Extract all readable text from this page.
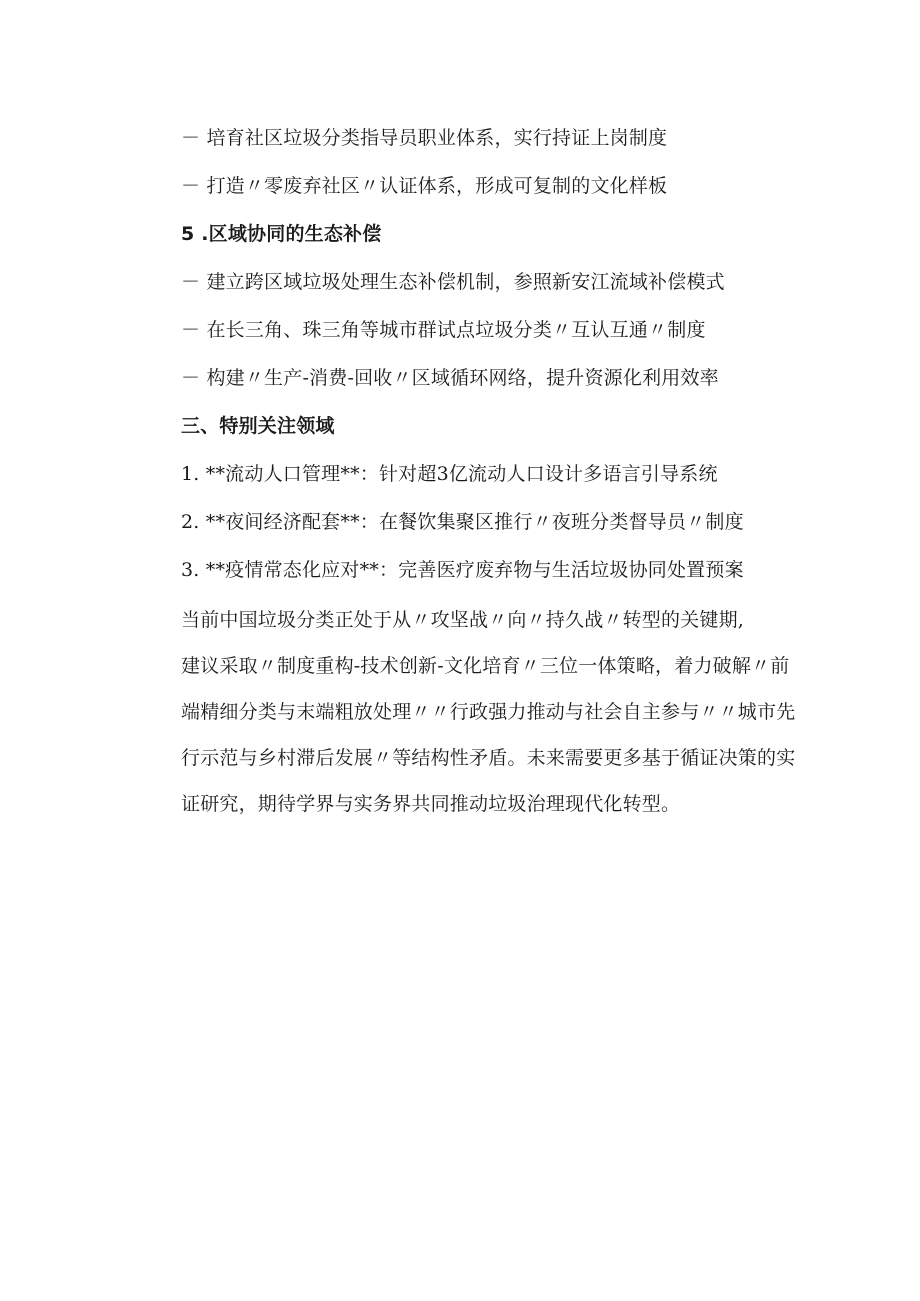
－ 培育社区垃圾分类指导员职业体系，实行持证上岗制度
－ 打造〃零废弃社区〃认证体系，形成可复制的文化样板
5 .区域协同的生态补偿
－ 建立跨区域垃圾处理生态补偿机制，参照新安江流域补偿模式
－ 在长三角、珠三角等城市群试点垃圾分类〃互认互通〃制度
－ 构建〃生产-消费-回收〃区域循环网络，提升资源化利用效率
三、特别关注领域
1. **流动人口管理**：针对超3亿流动人口设计多语言引导系统
2. **夜间经济配套**：在餐饮集聚区推行〃夜班分类督导员〃制度
3. **疫情常态化应对**：完善医疗废弃物与生活垃圾协同处置预案
当前中国垃圾分类正处于从〃攻坚战〃向〃持久战〃转型的关键期,
建议采取〃制度重构-技术创新-文化培育〃三位一体策略，着力破解〃前
端精细分类与末端粗放处理〃〃行政强力推动与社会自主参与〃〃城市先
行示范与乡村滞后发展〃等结构性矛盾。未来需要更多基于循证决策的实
证研究，期待学界与实务界共同推动垃圾治理现代化转型。
